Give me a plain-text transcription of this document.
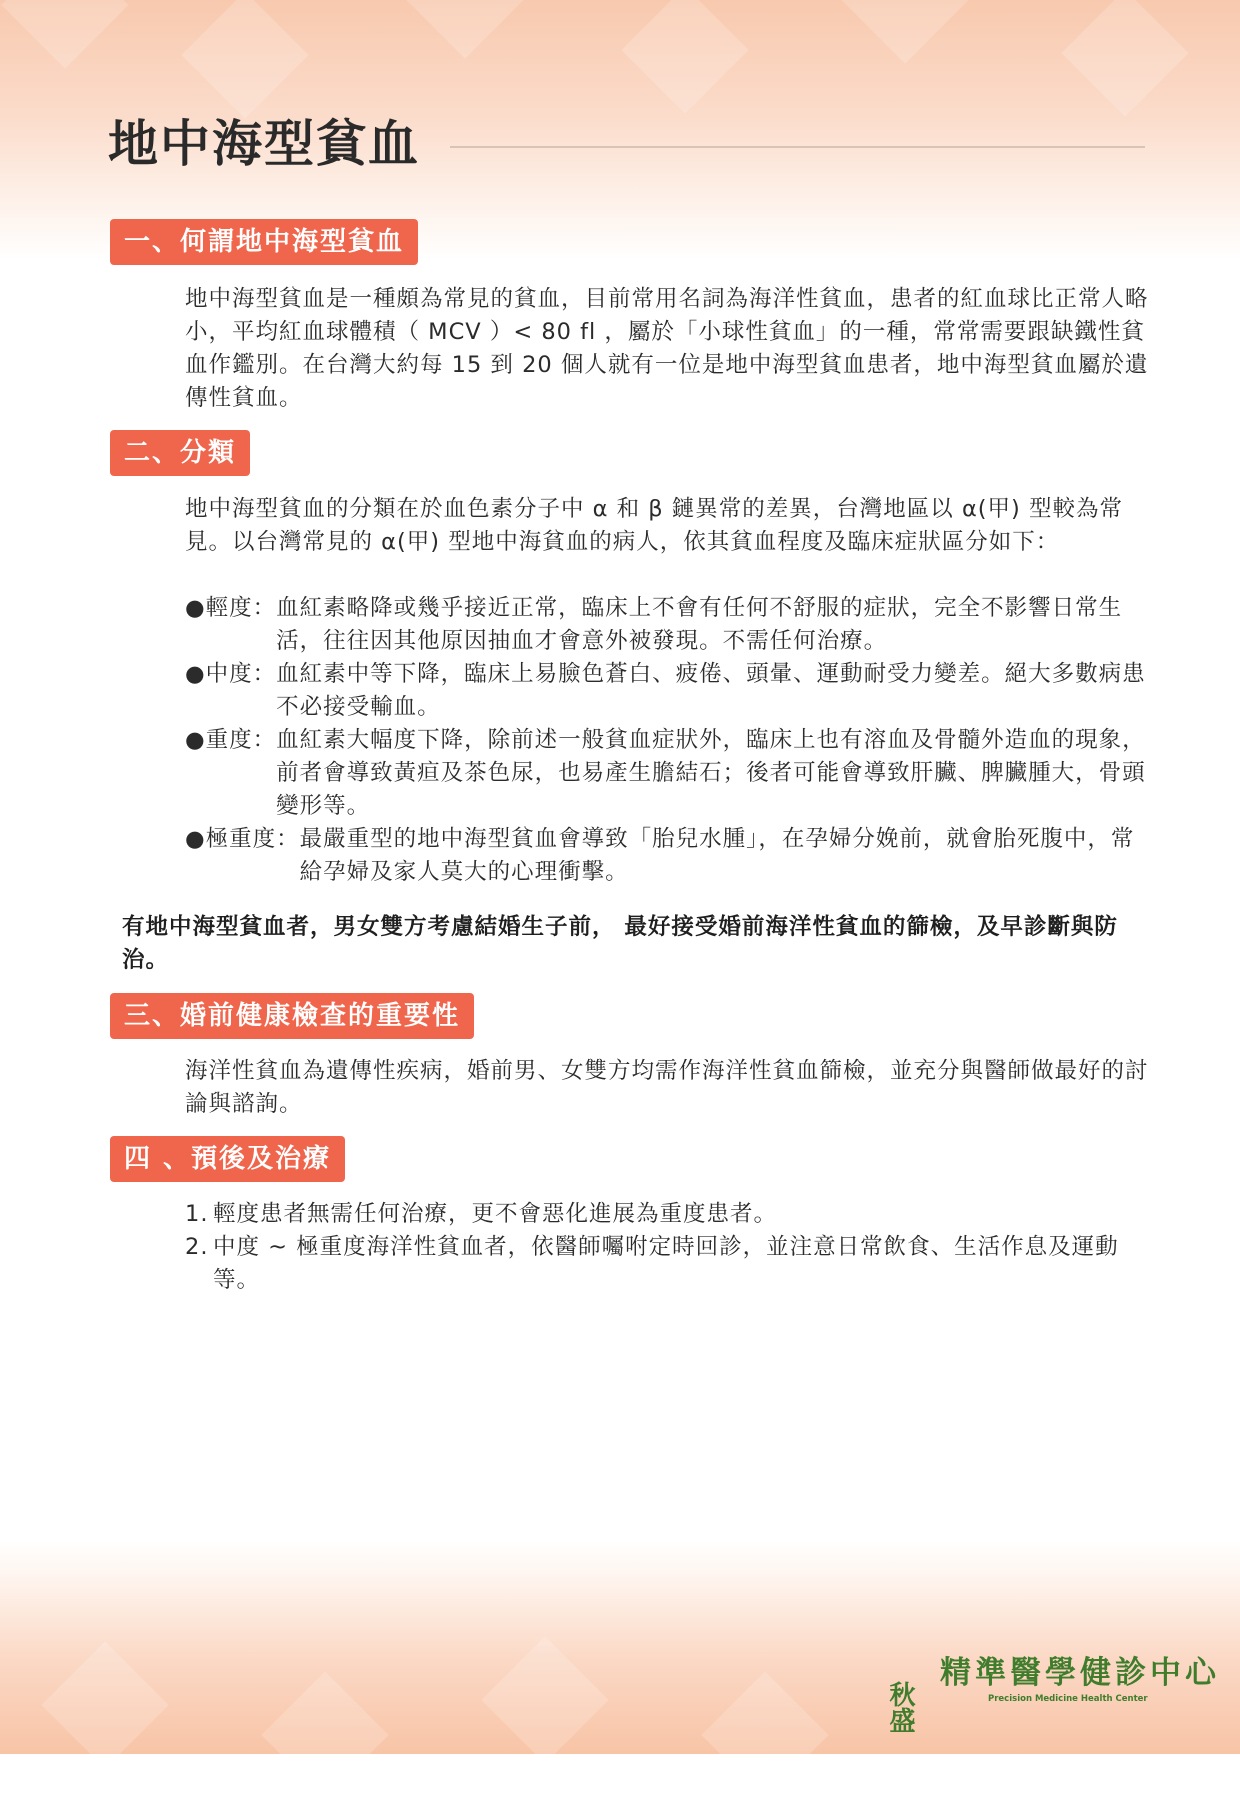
地中海型貧血
一、何謂地中海型貧血

地中海型貧血是一種頗為常見的貧血，目前常用名詞為海洋性貧血，患者的紅血球比正常人略小，平均紅血球體積（ MCV ）< 80 fl ，屬於「小球性貧血」的一種，常常需要跟缺鐵性貧血作鑑別。在台灣大約每 15 到 20 個人就有一位是地中海型貧血患者，地中海型貧血屬於遺傳性貧血。

二、分類

地中海型貧血的分類在於血色素分子中 α 和 β 鏈異常的差異，台灣地區以 α(甲) 型較為常見。以台灣常見的 α(甲) 型地中海貧血的病人，依其貧血程度及臨床症狀區分如下：

● 輕度： 血紅素略降或幾乎接近正常，臨床上不會有任何不舒服的症狀，完全不影響日常生活，往往因其他原因抽血才會意外被發現。不需任何治療。
● 中度： 血紅素中等下降，臨床上易臉色蒼白、疲倦、頭暈、運動耐受力變差。絕大多數病患不必接受輸血。
● 重度： 血紅素大幅度下降，除前述一般貧血症狀外，臨床上也有溶血及骨髓外造血的現象，前者會導致黃疸及茶色尿，也易產生膽結石；後者可能會導致肝臟、脾臟腫大，骨頭變形等。
● 極重度： 最嚴重型的地中海型貧血會導致「胎兒水腫」，在孕婦分娩前，就會胎死腹中，常給孕婦及家人莫大的心理衝擊。

有地中海型貧血者，男女雙方考慮結婚生子前， 最好接受婚前海洋性貧血的篩檢，及早診斷與防治。

三、婚前健康檢查的重要性

海洋性貧血為遺傳性疾病，婚前男、女雙方均需作海洋性貧血篩檢，並充分與醫師做最好的討論與諮詢。

四 、預後及治療
1. 輕度患者無需任何治療，更不會惡化進展為重度患者。
2. 中度 ~ 極重度海洋性貧血者，依醫師囑咐定時回診，並注意日常飲食、生活作息及運動等。
秋盛
精準醫學健診中心
Precision Medicine Health Center
